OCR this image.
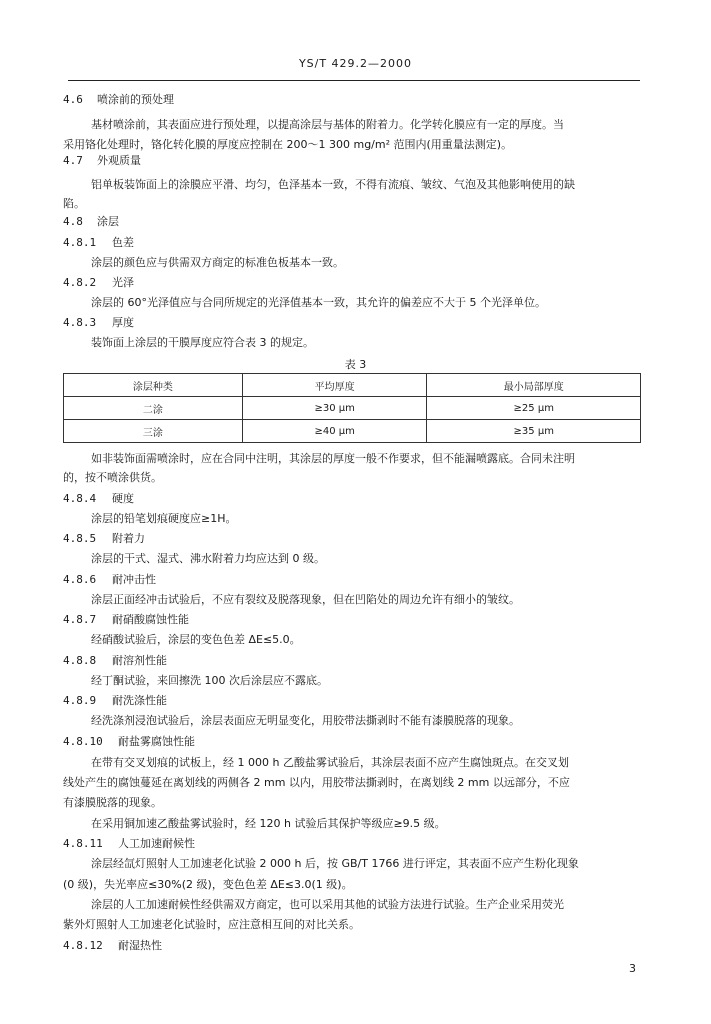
YS/T 429.2—2000
4.6 喷涂前的预处理
基材喷涂前，其表面应进行预处理，以提高涂层与基体的附着力。化学转化膜应有一定的厚度。当
采用铬化处理时，铬化转化膜的厚度应控制在 200～1 300 mg/m² 范围内(用重量法测定)。
4.7 外观质量
铝单板装饰面上的涂膜应平滑、均匀，色泽基本一致，不得有流痕、皱纹、气泡及其他影响使用的缺
陷。
4.8 涂层
4.8.1 色差
涂层的颜色应与供需双方商定的标准色板基本一致。
4.8.2 光泽
涂层的 60°光泽值应与合同所规定的光泽值基本一致，其允许的偏差应不大于 5 个光泽单位。
4.8.3 厚度
装饰面上涂层的干膜厚度应符合表 3 的规定。
表 3
涂层种类	平均厚度	最小局部厚度
二涂	≥30 μm	≥25 μm
三涂	≥40 μm	≥35 μm
如非装饰面需喷涂时，应在合同中注明，其涂层的厚度一般不作要求，但不能漏喷露底。合同未注明
的，按不喷涂供货。
4.8.4 硬度
涂层的铅笔划痕硬度应≥1H。
4.8.5 附着力
涂层的干式、湿式、沸水附着力均应达到 0 级。
4.8.6 耐冲击性
涂层正面经冲击试验后，不应有裂纹及脱落现象，但在凹陷处的周边允许有细小的皱纹。
4.8.7 耐硝酸腐蚀性能
经硝酸试验后，涂层的变色色差 ΔE≤5.0。
4.8.8 耐溶剂性能
经丁酮试验，来回擦洗 100 次后涂层应不露底。
4.8.9 耐洗涤性能
经洗涤剂浸泡试验后，涂层表面应无明显变化，用胶带法撕剥时不能有漆膜脱落的现象。
4.8.10 耐盐雾腐蚀性能
在带有交叉划痕的试板上，经 1 000 h 乙酸盐雾试验后，其涂层表面不应产生腐蚀斑点。在交叉划
线处产生的腐蚀蔓延在离划线的两侧各 2 mm 以内，用胶带法撕剥时，在离划线 2 mm 以远部分，不应
有漆膜脱落的现象。
在采用铜加速乙酸盐雾试验时，经 120 h 试验后其保护等级应≥9.5 级。
4.8.11 人工加速耐候性
涂层经氙灯照射人工加速老化试验 2 000 h 后，按 GB/T 1766 进行评定，其表面不应产生粉化现象
(0 级)，失光率应≤30%(2 级)，变色色差 ΔE≤3.0(1 级)。
涂层的人工加速耐候性经供需双方商定，也可以采用其他的试验方法进行试验。生产企业采用荧光
紫外灯照射人工加速老化试验时，应注意相互间的对比关系。
4.8.12 耐湿热性
3
